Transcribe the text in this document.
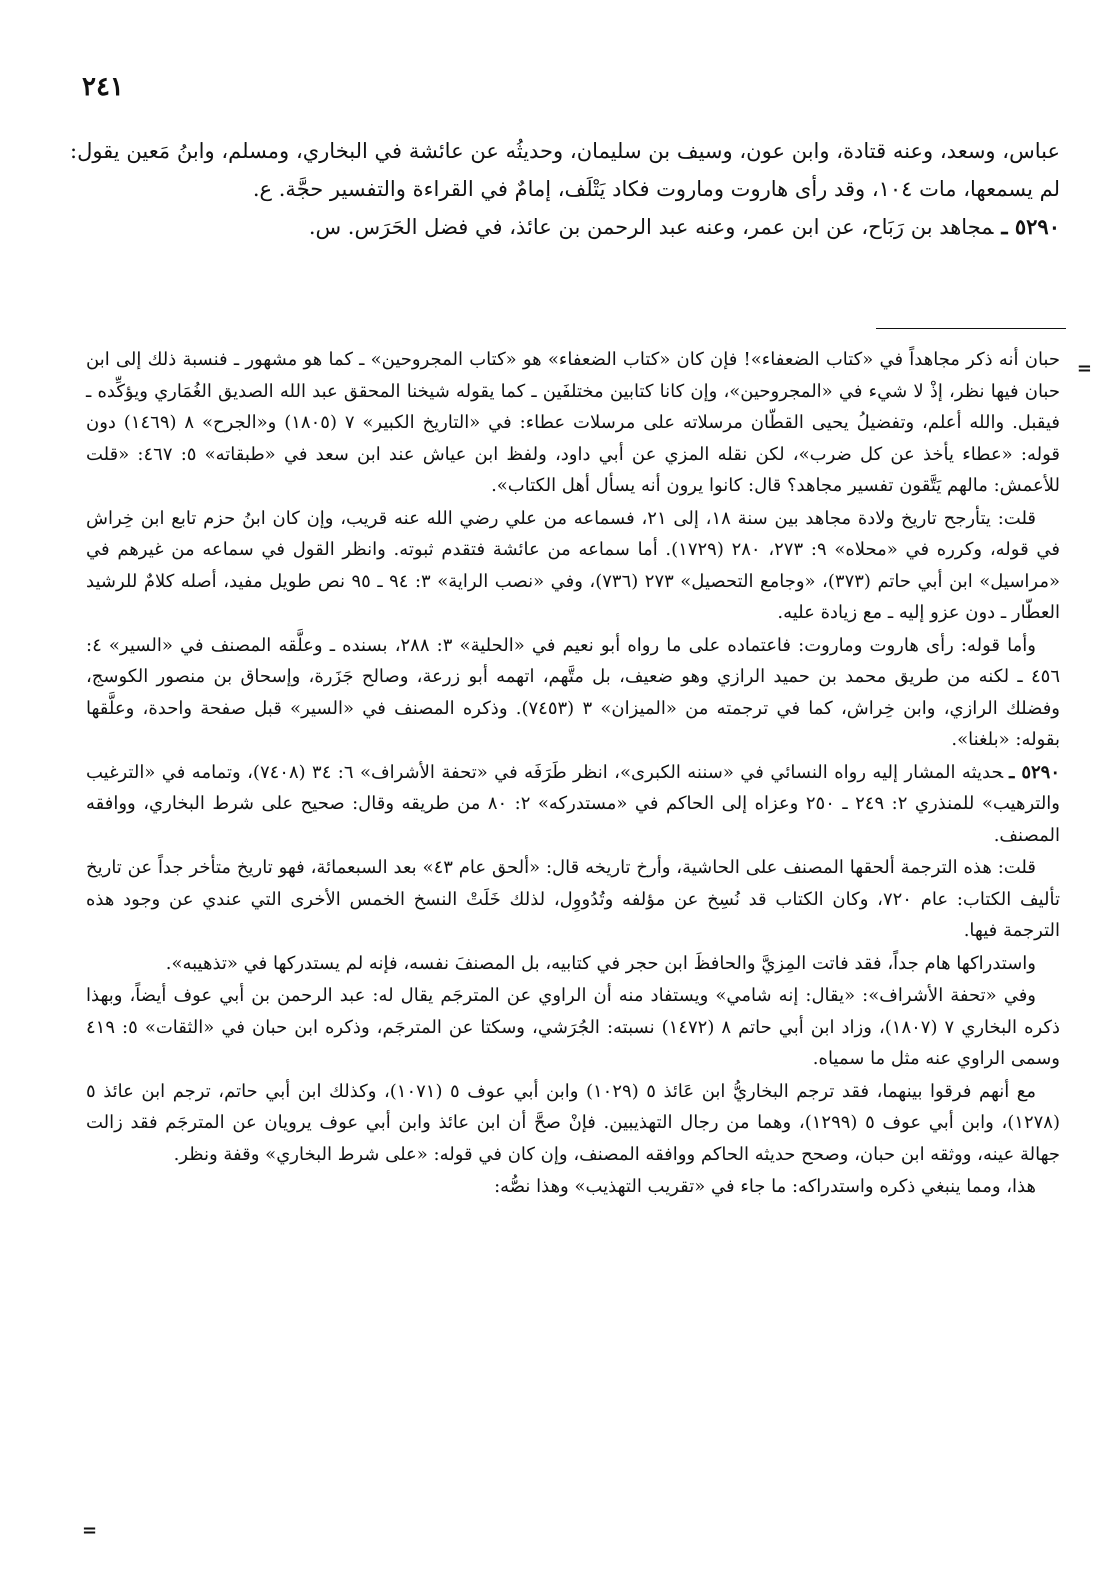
٢٤١

عباس، وسعد، وعنه قتادة، وابن عون، وسيف بن سليمان، وحديثُه عن عائشة في البخاري، ومسلم، وابنُ مَعين يقول: لم يسمعها، مات ١٠٤، وقد رأى هاروت وماروت فكاد يَتْلَف، إمامٌ في القراءة والتفسير حجَّة. ع.

٥٢٩٠ ـمجاهد بن رَبَاح، عن ابن عمر، وعنه عبد الرحمن بن عائذ، في فضل الحَرَس. س.

=

حبان أنه ذكر مجاهداً في «كتاب الضعفاء»! فإن كان «كتاب الضعفاء» هو «كتاب المجروحين» ـ كما هو مشهور ـ فنسبة ذلك إلى ابن حبان فيها نظر، إذْ لا شيء في «المجروحين»، وإن كانا كتابين مختلفَين ـ كما يقوله شيخنا المحقق عبد الله الصديق الغُمَاري ويؤكِّده ـ فيقبل. والله أعلم، وتفضيلُ يحيى القطّان مرسلاته على مرسلات عطاء: في «التاريخ الكبير» ٧ (١٨٠٥) و«الجرح» ٨ (١٤٦٩) دون قوله: «عطاء يأخذ عن كل ضرب»، لكن نقله المزي عن أبي داود، ولفظ ابن عياش عند ابن سعد في «طبقاته» ٥: ٤٦٧: «قلت للأعمش: مالهم يَتَّقون تفسير مجاهد؟ قال: كانوا يرون أنه يسأل أهل الكتاب».

قلت: يتأرجح تاريخ ولادة مجاهد بين سنة ١٨، إلى ٢١، فسماعه من علي رضي الله عنه قريب، وإن كان ابنُ حزم تابع ابن خِراش في قوله، وكرره في «محلاه» ٩: ٢٧٣، ٢٨٠ (١٧٢٩). أما سماعه من عائشة فتقدم ثبوته. وانظر القول في سماعه من غيرهم في «مراسيل» ابن أبي حاتم (٣٧٣)، «وجامع التحصيل» ٢٧٣ (٧٣٦)، وفي «نصب الراية» ٣: ٩٤ ـ ٩٥ نص طويل مفيد، أصله كلامٌ للرشيد العطّار ـ دون عزو إليه ـ مع زيادة عليه.

وأما قوله: رأى هاروت وماروت: فاعتماده على ما رواه أبو نعيم في «الحلية» ٣: ٢٨٨، بسنده ـ وعلَّقه المصنف في «السير» ٤: ٤٥٦ ـ لكنه من طريق محمد بن حميد الرازي وهو ضعيف، بل متَّهم، اتهمه أبو زرعة، وصالح جَزَرة، وإسحاق بن منصور الكوسج، وفضلك الرازي، وابن خِراش، كما في ترجمته من «الميزان» ٣ (٧٤٥٣). وذكره المصنف في «السير» قبل صفحة واحدة، وعلَّقها بقوله: «بلغنا».

٥٢٩٠ ـحديثه المشار إليه رواه النسائي في «سننه الكبرى»، انظر طَرَفَه في «تحفة الأشراف» ٦: ٣٤ (٧٤٠٨)، وتمامه في «الترغيب والترهيب» للمنذري ٢: ٢٤٩ ـ ٢٥٠ وعزاه إلى الحاكم في «مستدركه» ٢: ٨٠ من طريقه وقال: صحيح على شرط البخاري، ووافقه المصنف.

قلت: هذه الترجمة ألحقها المصنف على الحاشية، وأرخ تاريخه قال: «ألحق عام ٤٣» بعد السبعمائة، فهو تاريخ متأخر جداً عن تاريخ تأليف الكتاب: عام ٧٢٠، وكان الكتاب قد نُسِخ عن مؤلفه وتُدُووِل، لذلك خَلَتْ النسخ الخمس الأخرى التي عندي عن وجود هذه الترجمة فيها.

واستدراكها هام جداً، فقد فاتت المِزيَّ والحافظَ ابن حجر في كتابيه، بل المصنفَ نفسه، فإنه لم يستدركها في «تذهيبه».

وفي «تحفة الأشراف»: «يقال: إنه شامي» ويستفاد منه أن الراوي عن المترجَم يقال له: عبد الرحمن بن أبي عوف أيضاً، وبهذا ذكره البخاري ٧ (١٨٠٧)، وزاد ابن أبي حاتم ٨ (١٤٧٢) نسبته: الجُرَشي، وسكتا عن المترجَم، وذكره ابن حبان في «الثقات» ٥: ٤١٩ وسمى الراوي عنه مثل ما سمياه.

مع أنهم فرقوا بينهما، فقد ترجم البخاريُّ ابن عَائذ ٥ (١٠٢٩) وابن أبي عوف ٥ (١٠٧١)، وكذلك ابن أبي حاتم، ترجم ابن عائذ ٥ (١٢٧٨)، وابن أبي عوف ٥ (١٢٩٩)، وهما من رجال التهذيبين. فإنْ صحَّ أن ابن عائذ وابن أبي عوف يرويان عن المترجَم فقد زالت جهالة عينه، ووثقه ابن حبان، وصحح حديثه الحاكم ووافقه المصنف، وإن كان في قوله: «على شرط البخاري» وقفة ونظر.

هذا، ومما ينبغي ذكره واستدراكه: ما جاء في «تقريب التهذيب» وهذا نصُّه:

=
